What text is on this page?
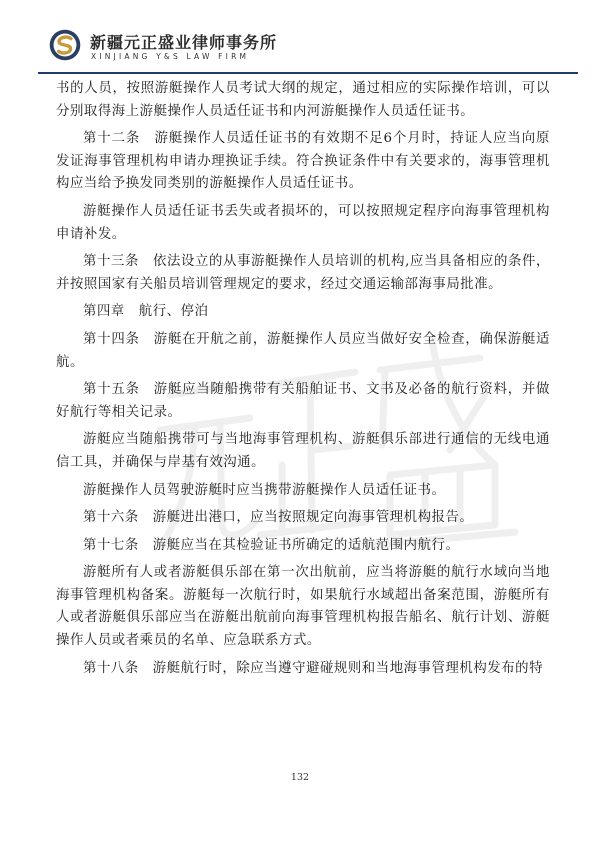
新疆元正盛业律师事务所
XINJIANG Y&S LAW FIRM

书的人员，按照游艇操作人员考试大纲的规定，通过相应的实际操作培训，可以分别取得海上游艇操作人员适任证书和内河游艇操作人员适任证书。

第十二条　游艇操作人员适任证书的有效期不足6个月时，持证人应当向原发证海事管理机构申请办理换证手续。符合换证条件中有关要求的，海事管理机构应当给予换发同类别的游艇操作人员适任证书。

游艇操作人员适任证书丢失或者损坏的，可以按照规定程序向海事管理机构申请补发。

第十三条　依法设立的从事游艇操作人员培训的机构,应当具备相应的条件，并按照国家有关船员培训管理规定的要求，经过交通运输部海事局批准。

第四章　航行、停泊

第十四条　游艇在开航之前，游艇操作人员应当做好安全检查，确保游艇适航。

第十五条　游艇应当随船携带有关船舶证书、文书及必备的航行资料，并做好航行等相关记录。

游艇应当随船携带可与当地海事管理机构、游艇俱乐部进行通信的无线电通信工具，并确保与岸基有效沟通。

游艇操作人员驾驶游艇时应当携带游艇操作人员适任证书。

第十六条　游艇进出港口，应当按照规定向海事管理机构报告。

第十七条　游艇应当在其检验证书所确定的适航范围内航行。

游艇所有人或者游艇俱乐部在第一次出航前，应当将游艇的航行水域向当地海事管理机构备案。游艇每一次航行时，如果航行水域超出备案范围，游艇所有人或者游艇俱乐部应当在游艇出航前向海事管理机构报告船名、航行计划、游艇操作人员或者乘员的名单、应急联系方式。

第十八条　游艇航行时，除应当遵守避碰规则和当地海事管理机构发布的特

132
